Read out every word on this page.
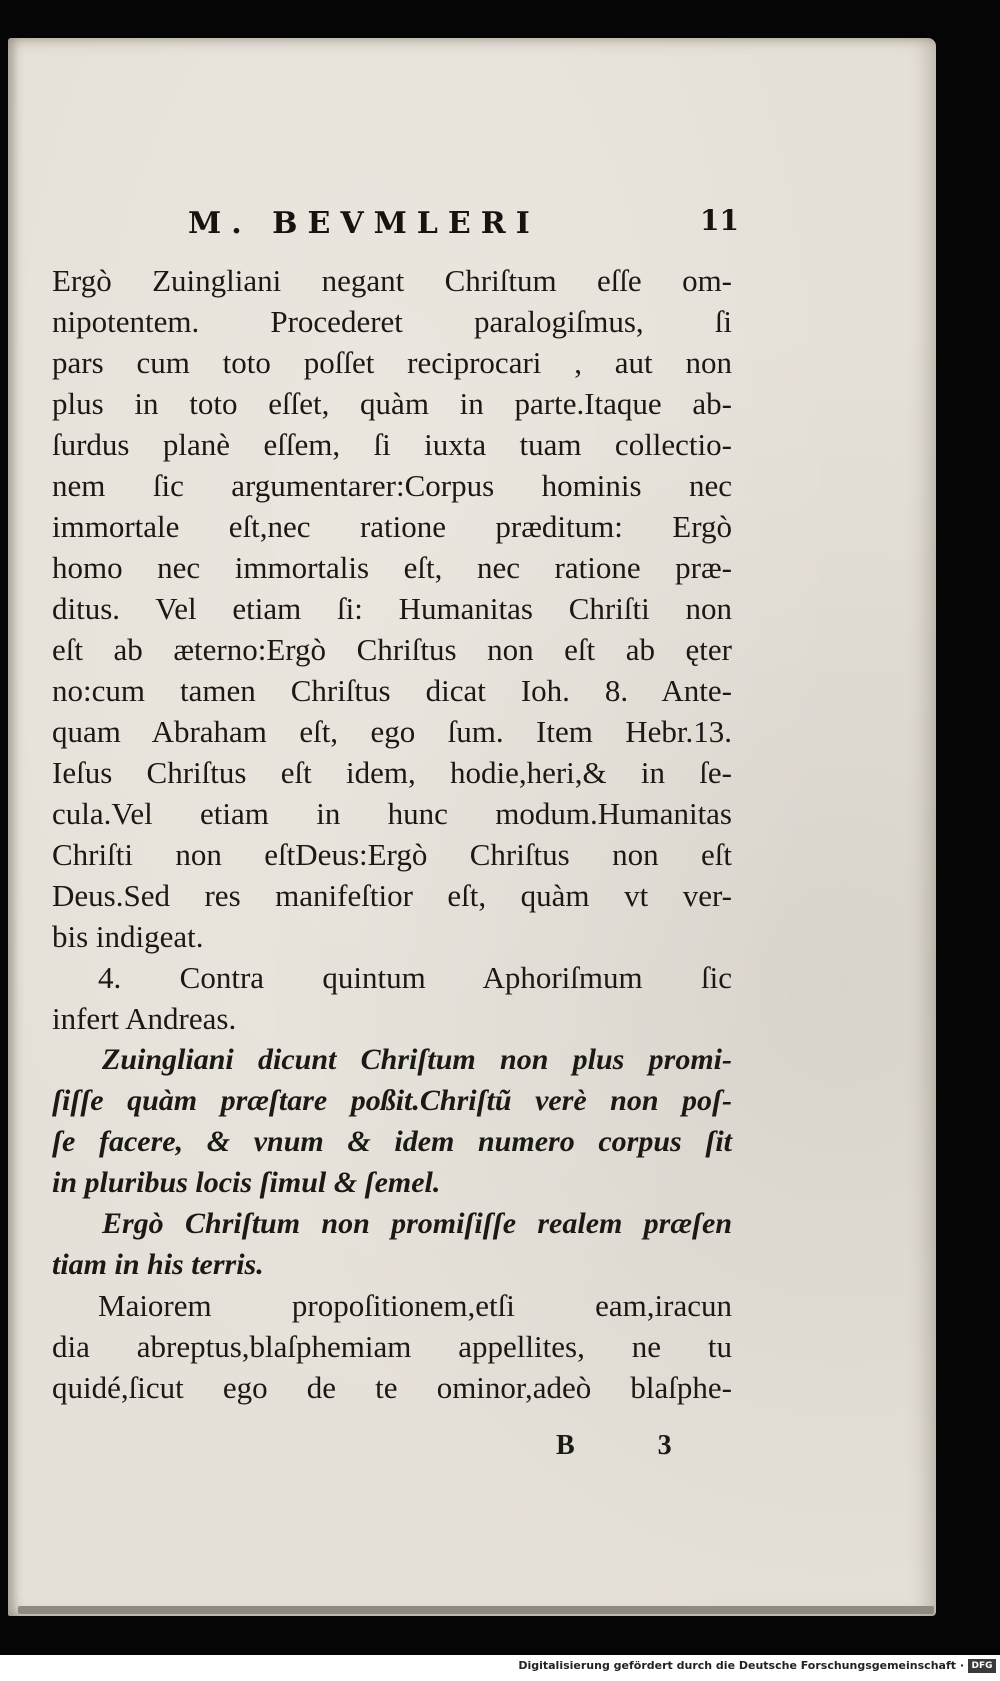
M. BEVMLERI	11
Ergò Zuingliani negant Chriſtum eſſe om-
nipotentem. Procederet paralogiſmus, ſi
pars cum toto poſſet reciprocari , aut non
plus in toto eſſet, quàm in parte.Itaque ab-
ſurdus planè eſſem, ſi iuxta tuam collectio-
nem ſic argumentarer:Corpus hominis nec
immortale eſt,nec ratione præditum: Ergò
homo nec immortalis eſt, nec ratione præ-
ditus. Vel etiam ſi: Humanitas Chriſti non
eſt ab æterno:Ergò Chriſtus non eſt ab ęter
no:cum tamen Chriſtus dicat Ioh. 8. Ante-
quam Abraham eſt, ego ſum. Item Hebr.13.
Ieſus Chriſtus eſt idem, hodie,heri,& in ſe-
cula.Vel etiam in hunc modum.Humanitas
Chriſti non eſtDeus:Ergò Chriſtus non eſt
Deus.Sed res manifeſtior eſt, quàm vt ver-
bis indigeat.
4. Contra quintum Aphoriſmum ſic
infert Andreas.
Zuingliani dicunt Chriſtum non plus promi-
ſiſſe quàm præſtare poßit.Chriſtũ verè non poſ-
ſe facere, & vnum & idem numero corpus ſit
in pluribus locis ſimul & ſemel.
Ergò Chriſtum non promiſiſſe realem præſen
tiam in his terris.
Maiorem propoſitionem,etſi eam,iracun
dia abreptus,blaſphemiam appellites, ne tu
quidé,ſicut ego de te ominor,adeò blaſphe-
B 3
Digitalisierung gefördert durch die Deutsche Forschungsgemeinschaft · DFG
